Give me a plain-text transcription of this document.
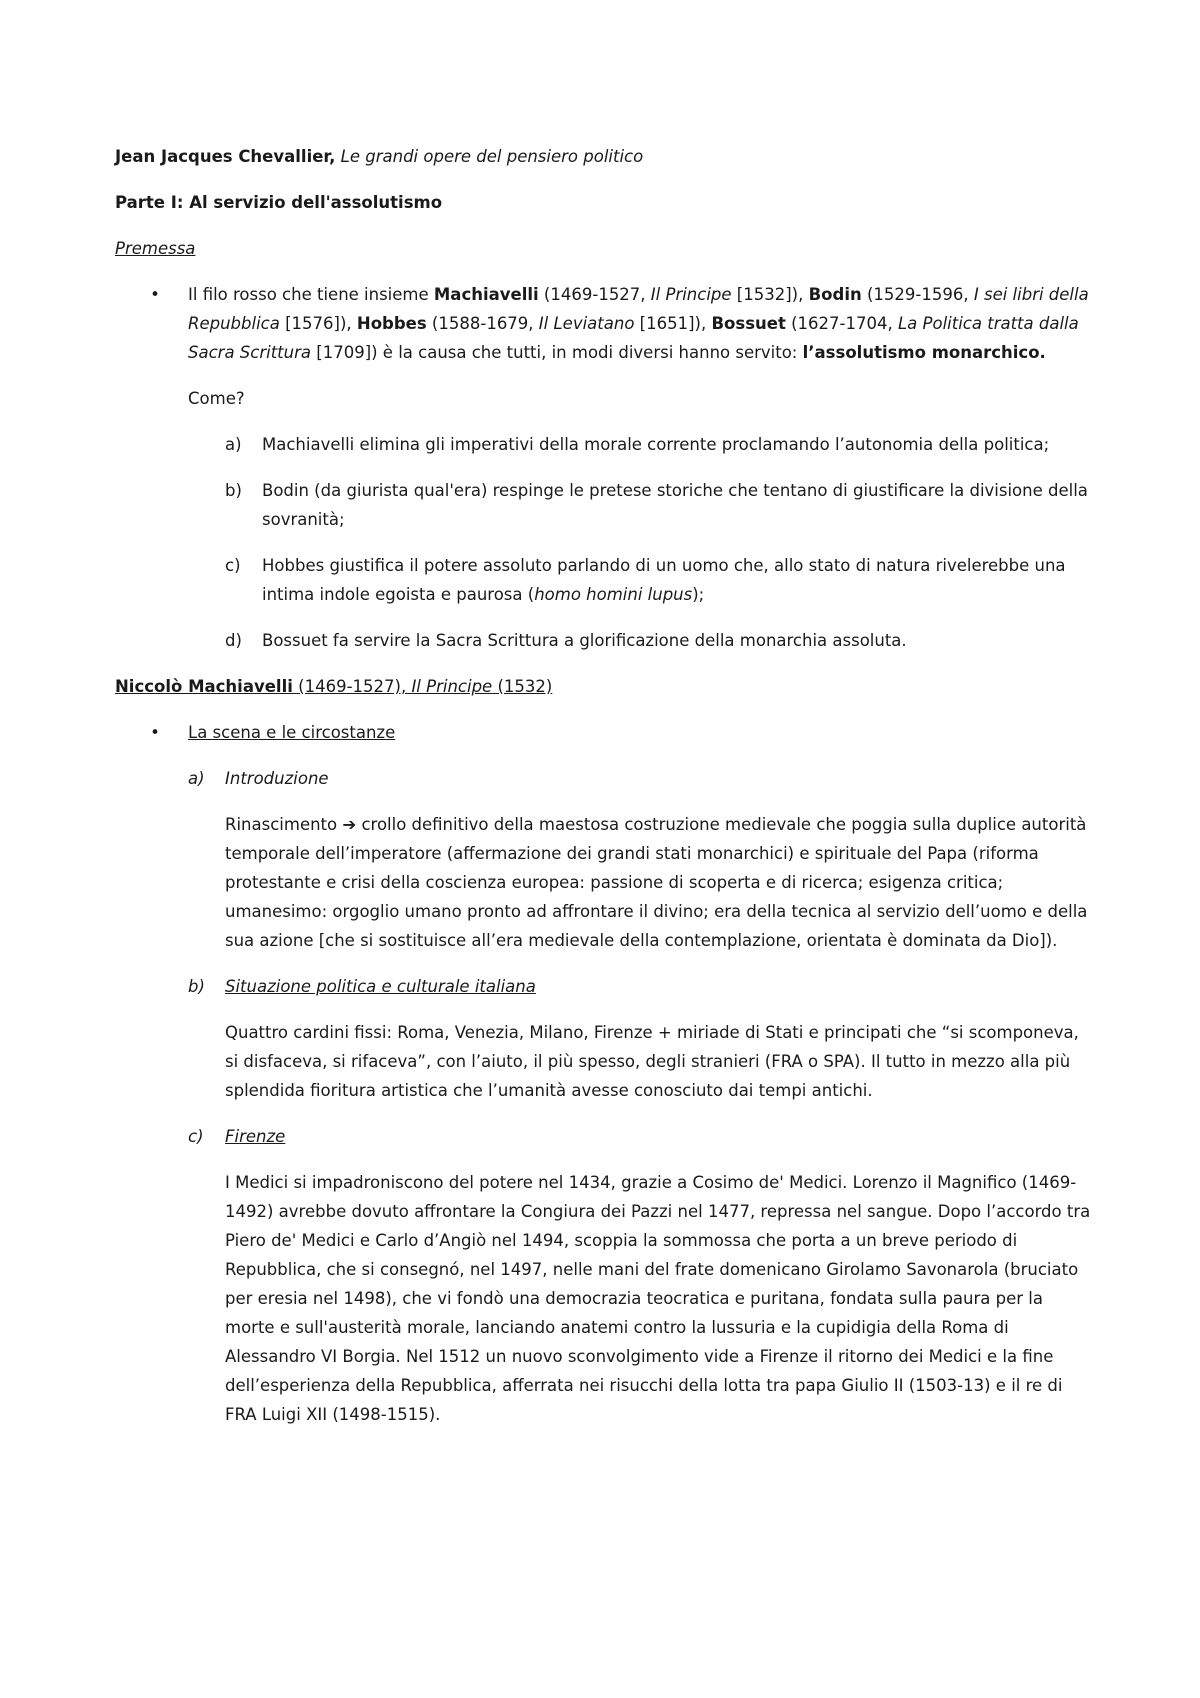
Jean Jacques Chevallier, Le grandi opere del pensiero politico

Parte I: Al servizio dell'assolutismo

Premessa

•	Il filo rosso che tiene insieme Machiavelli (1469-1527, Il Principe [1532]), Bodin (1529-1596, I sei libri della Repubblica [1576]), Hobbes (1588-1679, Il Leviatano [1651]), Bossuet (1627-1704, La Politica tratta dalla Sacra Scrittura [1709]) è la causa che tutti, in modi diversi hanno servito: l’assolutismo monarchico.

Come?

a) Machiavelli elimina gli imperativi della morale corrente proclamando l’autonomia della politica;

b) Bodin (da giurista qual'era) respinge le pretese storiche che tentano di giustificare la divisione della sovranità;

c) Hobbes giustifica il potere assoluto parlando di un uomo che, allo stato di natura rivelerebbe una intima indole egoista e paurosa (homo homini lupus);

d) Bossuet fa servire la Sacra Scrittura a glorificazione della monarchia assoluta.

Niccolò Machiavelli (1469-1527), Il Principe (1532)

•	La scena e le circostanze

a) Introduzione

Rinascimento ➔ crollo definitivo della maestosa costruzione medievale che poggia sulla duplice autorità temporale dell’imperatore (affermazione dei grandi stati monarchici) e spirituale del Papa (riforma protestante e crisi della coscienza europea: passione di scoperta e di ricerca; esigenza critica; umanesimo: orgoglio umano pronto ad affrontare il divino; era della tecnica al servizio dell’uomo e della sua azione [che si sostituisce all’era medievale della contemplazione, orientata è dominata da Dio]).

b) Situazione politica e culturale italiana

Quattro cardini fissi: Roma, Venezia, Milano, Firenze + miriade di Stati e principati che “si scomponeva, si disfaceva, si rifaceva”, con l’aiuto, il più spesso, degli stranieri (FRA o SPA). Il tutto in mezzo alla più splendida fioritura artistica che l’umanità avesse conosciuto dai tempi antichi.

c) Firenze

I Medici si impadroniscono del potere nel 1434, grazie a Cosimo de' Medici. Lorenzo il Magnifico (1469-1492) avrebbe dovuto affrontare la Congiura dei Pazzi nel 1477, repressa nel sangue. Dopo l’accordo tra Piero de' Medici e Carlo d’Angiò nel 1494, scoppia la sommossa che porta a un breve periodo di Repubblica, che si consegnó, nel 1497, nelle mani del frate domenicano Girolamo Savonarola (bruciato per eresia nel 1498), che vi fondò una democrazia teocratica e puritana, fondata sulla paura per la morte e sull'austerità morale, lanciando anatemi contro la lussuria e la cupidigia della Roma di Alessandro VI Borgia. Nel 1512 un nuovo sconvolgimento vide a Firenze il ritorno dei Medici e la fine dell’esperienza della Repubblica, afferrata nei risucchi della lotta tra papa Giulio II (1503-13) e il re di FRA Luigi XII (1498-1515).
